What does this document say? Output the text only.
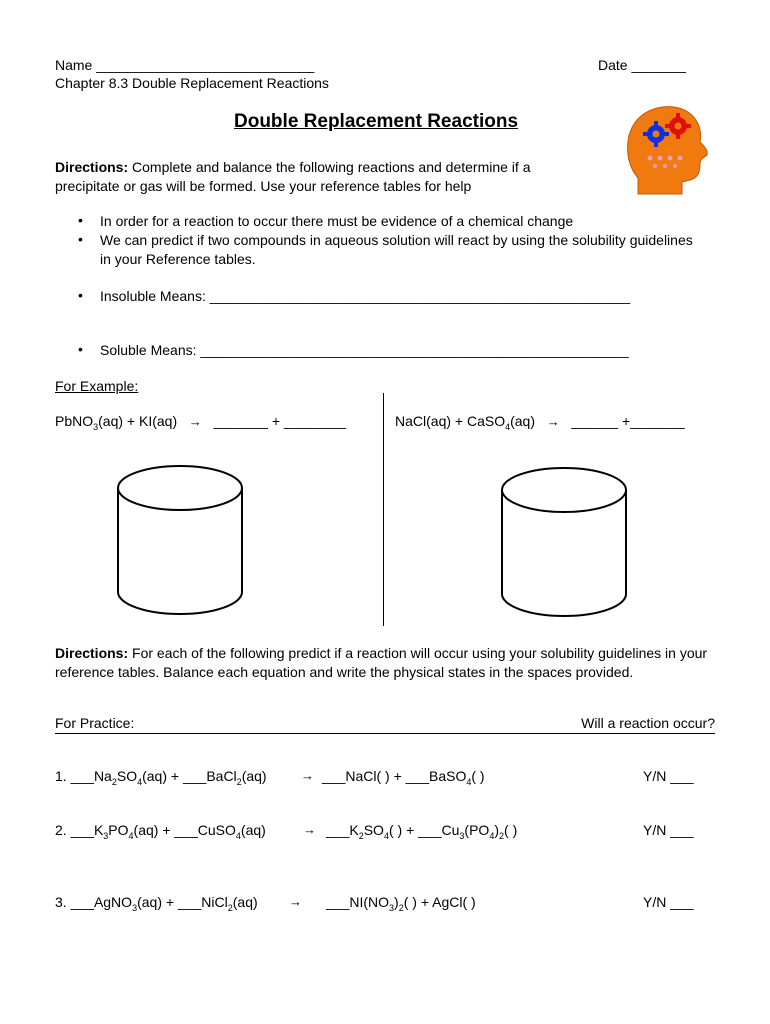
Name ____________________________	Date _______
Chapter 8.3 Double Replacement Reactions
Double Replacement Reactions
Directions: Complete and balance the following reactions and determine if a precipitate or gas will be formed. Use your reference tables for help
• In order for a reaction to occur there must be evidence of a chemical change
• We can predict if two compounds in aqueous solution will react by using the solubility guidelines in your Reference tables.
• Insoluble Means: ______________________________________________________
• Soluble Means: _______________________________________________________
For Example:
PbNO$_3$(aq) + KI(aq) → _______ + ________	NaCl(aq) + CaSO$_4$(aq) → ______ +_______
Directions: For each of the following predict if a reaction will occur using your solubility guidelines in your reference tables. Balance each equation and write the physical states in the spaces provided.
For Practice:	Will a reaction occur?
1. $\_\_\_Na_2SO_4(aq)$ + ___BaCl$_2$(aq)	→ ___NaCl( ) + ___BaSO$_4$( )	Y/N ___
2. $\_\_\_K_3PO_4(aq)$ + ___CuSO$_4$(aq)	→ $\_\_\_K_2SO_4$( ) + $\_\_\_Cu_3(PO_4)_2$( )	Y/N ___
3. ___AgNO$_3$(aq) + ___NiCl$_2$(aq) → $\_\_\_NI(NO_3)_2$( ) + AgCl( )	Y/N ___
